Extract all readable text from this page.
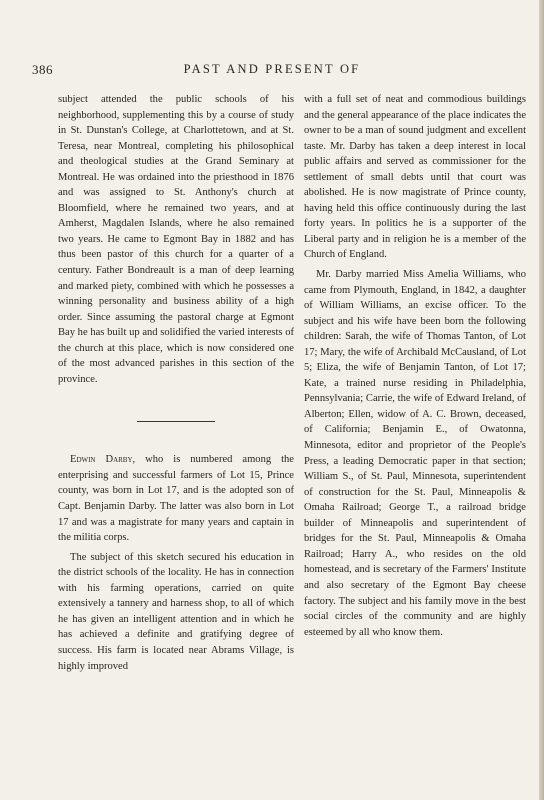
386	PAST AND PRESENT OF

subject attended the public schools of his neighborhood, supplementing this by a course of study in St. Dunstan's College, at Charlottetown, and at St. Teresa, near Montreal, completing his philosophical and theological studies at the Grand Seminary at Montreal. He was ordained into the priesthood in 1876 and was assigned to St. Anthony's church at Bloomfield, where he remained two years, and at Amherst, Magdalen Islands, where he also remained two years. He came to Egmont Bay in 1882 and has thus been pastor of this church for a quarter of a century. Father Bondreault is a man of deep learning and marked piety, combined with which he possesses a winning personality and business ability of a high order. Since assuming the pastoral charge at Egmont Bay he has built up and solidified the varied interests of the church at this place, which is now considered one of the most advanced parishes in this section of the province.

Edwin Darby, who is numbered among the enterprising and successful farmers of Lot 15, Prince county, was born in Lot 17, and is the adopted son of Capt. Benjamin Darby. The latter was also born in Lot 17 and was a magistrate for many years and captain in the militia corps.

The subject of this sketch secured his education in the district schools of the locality. He has in connection with his farming operations, carried on quite extensively a tannery and harness shop, to all of which he has given an intelligent attention and in which he has achieved a definite and gratifying degree of success. His farm is located near Abrams Village, is highly improved

with a full set of neat and commodious buildings and the general appearance of the place indicates the owner to be a man of sound judgment and excellent taste. Mr. Darby has taken a deep interest in local public affairs and served as commissioner for the settlement of small debts until that court was abolished. He is now magistrate of Prince county, having held this office continuously during the last forty years. In politics he is a supporter of the Liberal party and in religion he is a member of the Church of England.

Mr. Darby married Miss Amelia Williams, who came from Plymouth, England, in 1842, a daughter of William Williams, an excise officer. To the subject and his wife have been born the following children: Sarah, the wife of Thomas Tanton, of Lot 17; Mary, the wife of Archibald McCausland, of Lot 5; Eliza, the wife of Benjamin Tanton, of Lot 17; Kate, a trained nurse residing in Philadelphia, Pennsylvania; Carrie, the wife of Edward Ireland, of Alberton; Ellen, widow of A. C. Brown, deceased, of California; Benjamin E., of Owatonna, Minnesota, editor and proprietor of the People's Press, a leading Democratic paper in that section; William S., of St. Paul, Minnesota, superintendent of construction for the St. Paul, Minneapolis & Omaha Railroad; George T., a railroad bridge builder of Minneapolis and superintendent of bridges for the St. Paul, Minneapolis & Omaha Railroad; Harry A., who resides on the old homestead, and is secretary of the Farmers' Institute and also secretary of the Egmont Bay cheese factory. The subject and his family move in the best social circles of the community and are highly esteemed by all who know them.
